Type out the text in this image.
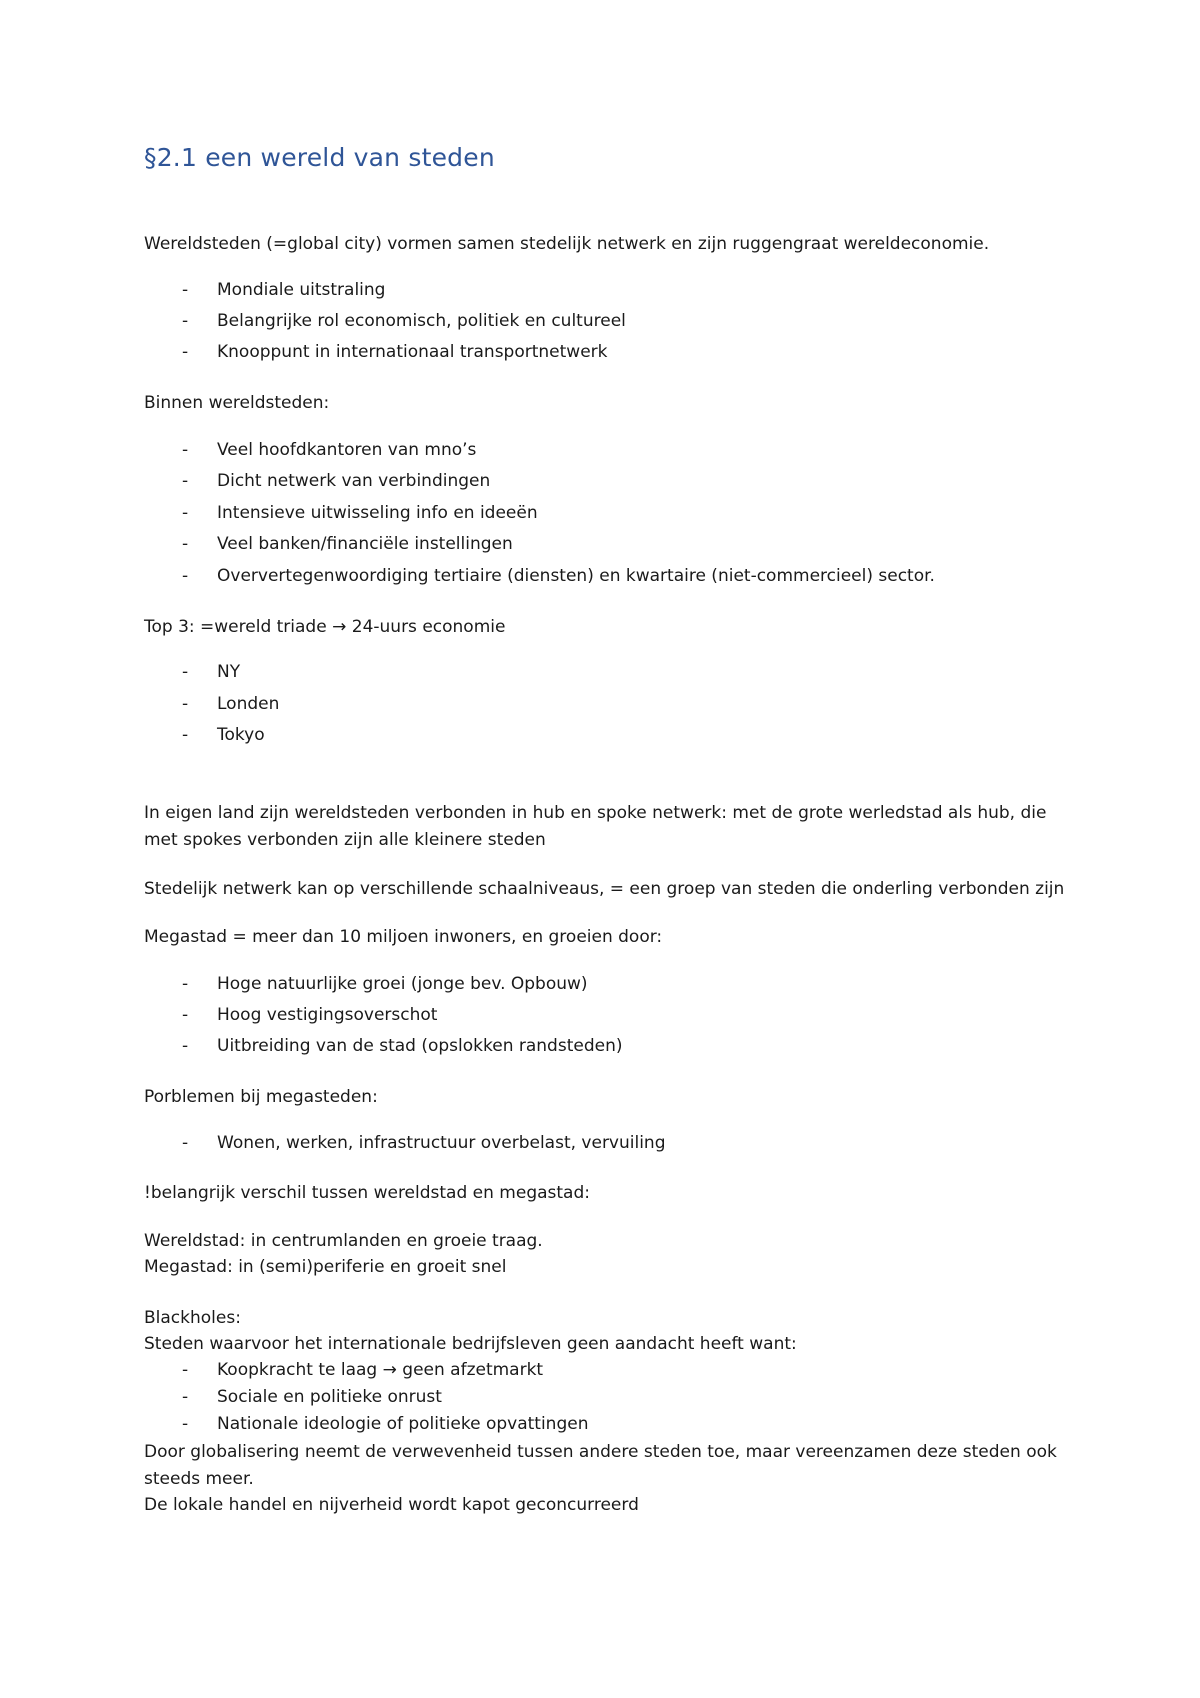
§2.1 een wereld van steden
Wereldsteden (=global city) vormen samen stedelijk netwerk en zijn ruggengraat wereldeconomie.
- Mondiale uitstraling
- Belangrijke rol economisch, politiek en cultureel
- Knooppunt in internationaal transportnetwerk
Binnen wereldsteden:
- Veel hoofdkantoren van mno’s
- Dicht netwerk van verbindingen
- Intensieve uitwisseling info en ideeën
- Veel banken/financiële instellingen
- Oververtegenwoordiging tertiaire (diensten) en kwartaire (niet-commercieel) sector.
Top 3: =wereld triade → 24-uurs economie
- NY
- Londen
- Tokyo
In eigen land zijn wereldsteden verbonden in hub en spoke netwerk: met de grote werledstad als hub, die met spokes verbonden zijn alle kleinere steden
Stedelijk netwerk kan op verschillende schaalniveaus, = een groep van steden die onderling verbonden zijn
Megastad = meer dan 10 miljoen inwoners, en groeien door:
- Hoge natuurlijke groei (jonge bev. Opbouw)
- Hoog vestigingsoverschot
- Uitbreiding van de stad (opslokken randsteden)
Porblemen bij megasteden:
- Wonen, werken, infrastructuur overbelast, vervuiling
!belangrijk verschil tussen wereldstad en megastad:
Wereldstad: in centrumlanden en groeie traag.
Megastad: in (semi)periferie en groeit snel
Blackholes:
Steden waarvoor het internationale bedrijfsleven geen aandacht heeft want:
- Koopkracht te laag → geen afzetmarkt
- Sociale en politieke onrust
- Nationale ideologie of politieke opvattingen
Door globalisering neemt de verwevenheid tussen andere steden toe, maar vereenzamen deze steden ook steeds meer.
De lokale handel en nijverheid wordt kapot geconcurreerd
